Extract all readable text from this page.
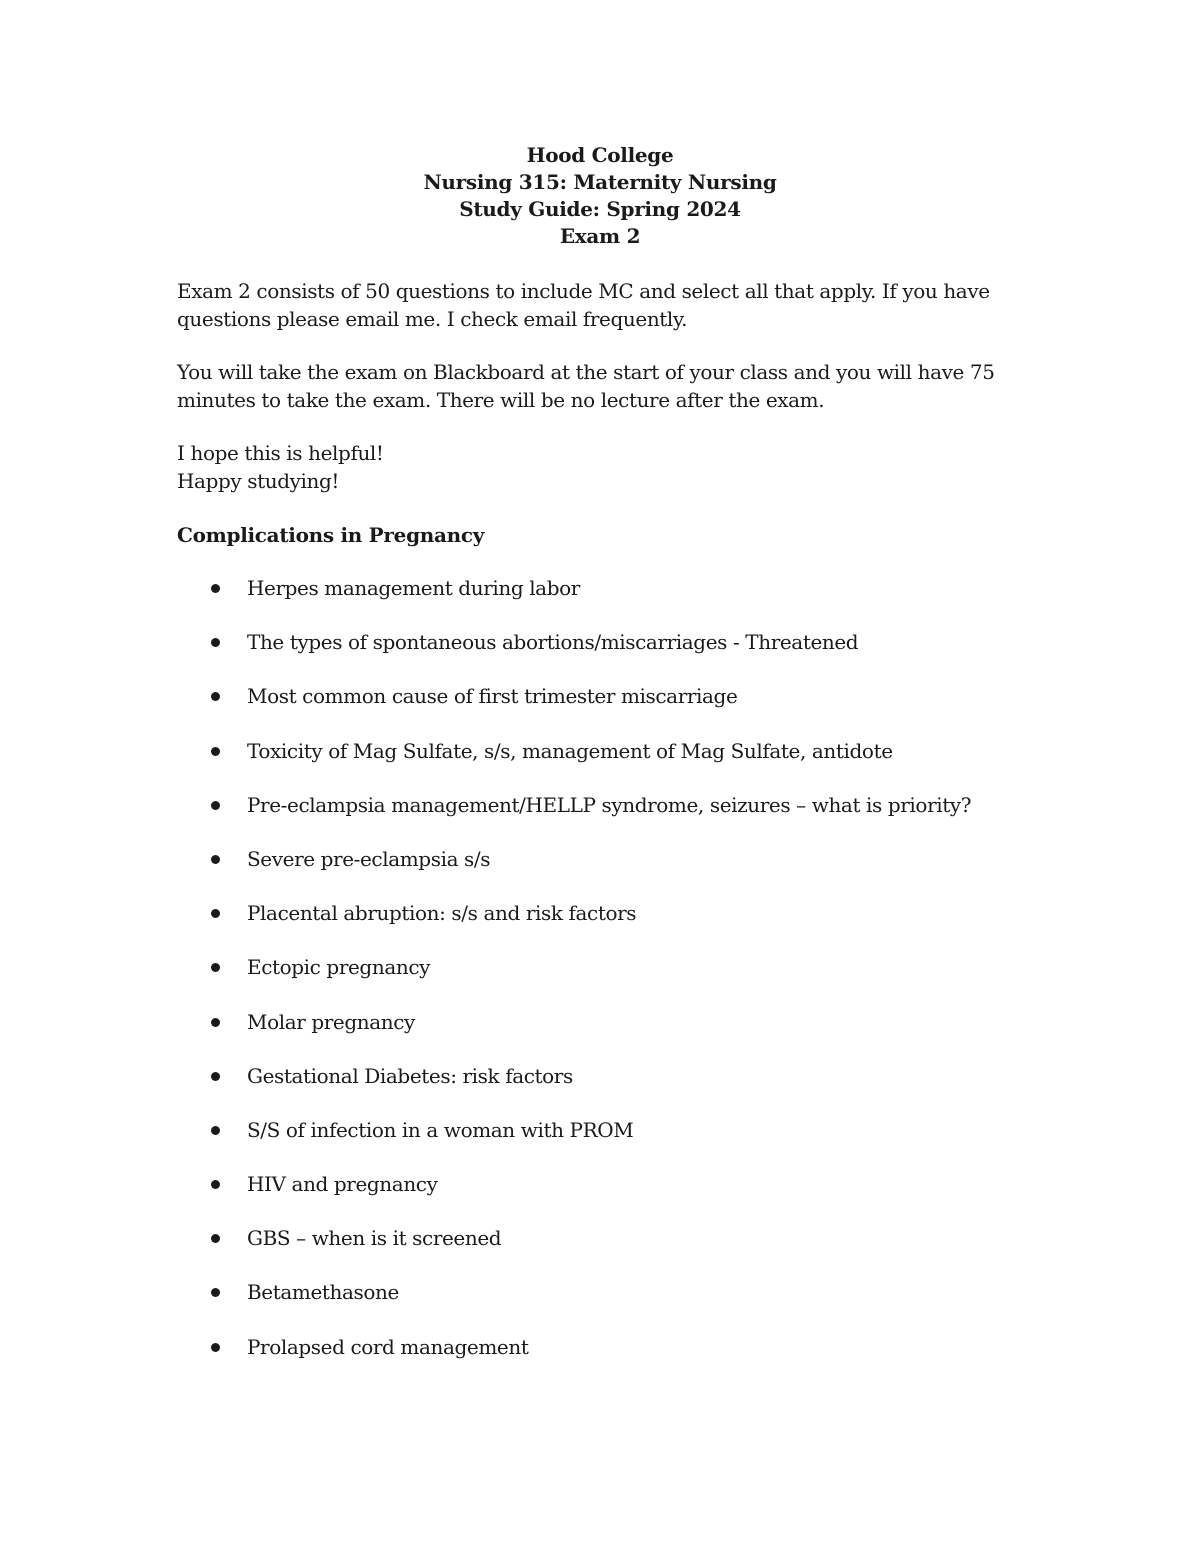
Hood College
Nursing 315: Maternity Nursing
Study Guide: Spring 2024
Exam 2
Exam 2 consists of 50 questions to include MC and select all that apply. If you have
questions please email me. I check email frequently.
You will take the exam on Blackboard at the start of your class and you will have 75
minutes to take the exam. There will be no lecture after the exam.
I hope this is helpful!
Happy studying!
Complications in Pregnancy
Herpes management during labor
The types of spontaneous abortions/miscarriages - Threatened
Most common cause of first trimester miscarriage
Toxicity of Mag Sulfate, s/s, management of Mag Sulfate, antidote
Pre-eclampsia management/HELLP syndrome, seizures – what is priority?
Severe pre-eclampsia s/s
Placental abruption: s/s and risk factors
Ectopic pregnancy
Molar pregnancy
Gestational Diabetes: risk factors
S/S of infection in a woman with PROM
HIV and pregnancy
GBS – when is it screened
Betamethasone
Prolapsed cord management
